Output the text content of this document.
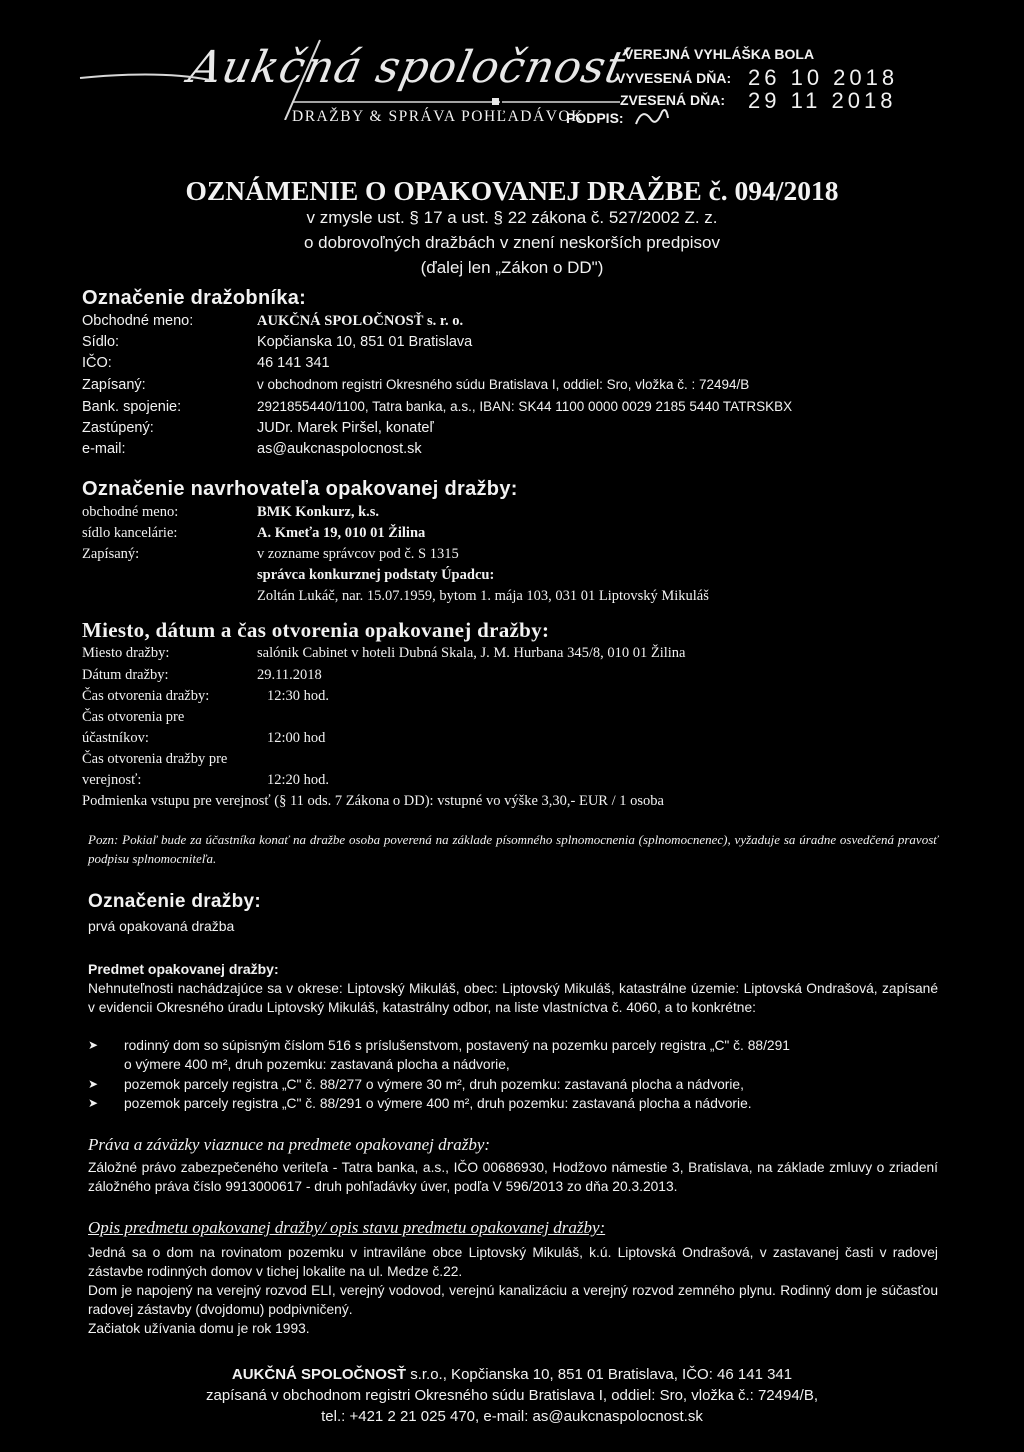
Aukčná spoločnosť
DRAŽBY & SPRÁVA POHĽADÁVOK
VEREJNÁ VYHLÁŠKA BOLA
VYVESENÁ DŇA: 26 10 2018
ZVESENÁ DŇA: 29 11 2018
PODPIS:
OZNÁMENIE O OPAKOVANEJ DRAŽBE č. 094/2018
v zmysle ust. § 17 a ust. § 22 zákona č. 527/2002 Z. z.
o dobrovoľných dražbách v znení neskorších predpisov
(ďalej len „Zákon o DD")
Označenie dražobníka:
Obchodné meno:	AUKČNÁ SPOLOČNOSŤ s. r. o.
Sídlo:	Kopčianska 10, 851 01 Bratislava
IČO:	46 141 341
Zapísaný:	v obchodnom registri Okresného súdu Bratislava I, oddiel: Sro, vložka č. : 72494/B
Bank. spojenie:	2921855440/1100, Tatra banka, a.s., IBAN: SK44 1100 0000 0029 2185 5440 TATRSKBX
Zastúpený:	JUDr. Marek Piršel, konateľ
e-mail:	as@aukcnaspolocnost.sk
Označenie navrhovateľa opakovanej dražby:
obchodné meno:	BMK Konkurz, k.s.
sídlo kancelárie:	A. Kmeťa 19, 010 01 Žilina
Zapísaný:	v zozname správcov pod č. S 1315
správca konkurznej podstaty Úpadcu:
Zoltán Lukáč, nar. 15.07.1959, bytom 1. mája 103, 031 01 Liptovský Mikuláš
Miesto, dátum a čas otvorenia opakovanej dražby:
Miesto dražby:	salónik Cabinet v hoteli Dubná Skala, J. M. Hurbana 345/8, 010 01 Žilina
Dátum dražby:	29.11.2018
Čas otvorenia dražby:	12:30 hod.
Čas otvorenia pre
účastníkov:	12:00 hod
Čas otvorenia dražby pre
verejnosť:	12:20 hod.
Podmienka vstupu pre verejnosť (§ 11 ods. 7 Zákona o DD): vstupné vo výške 3,30,- EUR / 1 osoba
Pozn: Pokiaľ bude za účastníka konať na dražbe osoba poverená na základe písomného splnomocnenia (splnomocnenec), vyžaduje sa úradne osvedčená pravosť podpisu splnomocniteľa.
Označenie dražby:
prvá opakovaná dražba
Predmet opakovanej dražby:
Nehnuteľnosti nachádzajúce sa v okrese: Liptovský Mikuláš, obec: Liptovský Mikuláš, katastrálne územie: Liptovská Ondrašová, zapísané v evidencii Okresného úradu Liptovský Mikuláš, katastrálny odbor, na liste vlastníctva č. 4060, a to konkrétne:
➤ rodinný dom so súpisným číslom 516 s príslušenstvom, postavený na pozemku parcely registra „C" č. 88/291
o výmere 400 m², druh pozemku: zastavaná plocha a nádvorie,
➤ pozemok parcely registra „C" č. 88/277 o výmere 30 m², druh pozemku: zastavaná plocha a nádvorie,
➤ pozemok parcely registra „C" č. 88/291 o výmere 400 m², druh pozemku: zastavaná plocha a nádvorie.
Práva a záväzky viaznuce na predmete opakovanej dražby:
Záložné právo zabezpečeného veriteľa - Tatra banka, a.s., IČO 00686930, Hodžovo námestie 3, Bratislava, na základe zmluvy o zriadení záložného práva číslo 9913000617 - druh pohľadávky úver, podľa V 596/2013 zo dňa 20.3.2013.
Opis predmetu opakovanej dražby/ opis stavu predmetu opakovanej dražby:
Jedná sa o dom na rovinatom pozemku v intraviláne obce Liptovský Mikuláš, k.ú. Liptovská Ondrašová, v zastavanej časti v radovej zástavbe rodinných domov v tichej lokalite na ul. Medze č.22.
Dom je napojený na verejný rozvod ELI, verejný vodovod, verejnú kanalizáciu a verejný rozvod zemného plynu. Rodinný dom je súčasťou radovej zástavby (dvojdomu) podpivničený.
Začiatok užívania domu je rok 1993.
AUKČNÁ SPOLOČNOSŤ s.r.o., Kopčianska 10, 851 01 Bratislava, IČO: 46 141 341
zapísaná v obchodnom registri Okresného súdu Bratislava I, oddiel: Sro, vložka č.: 72494/B,
tel.: +421 2 21 025 470, e-mail: as@aukcnaspolocnost.sk
